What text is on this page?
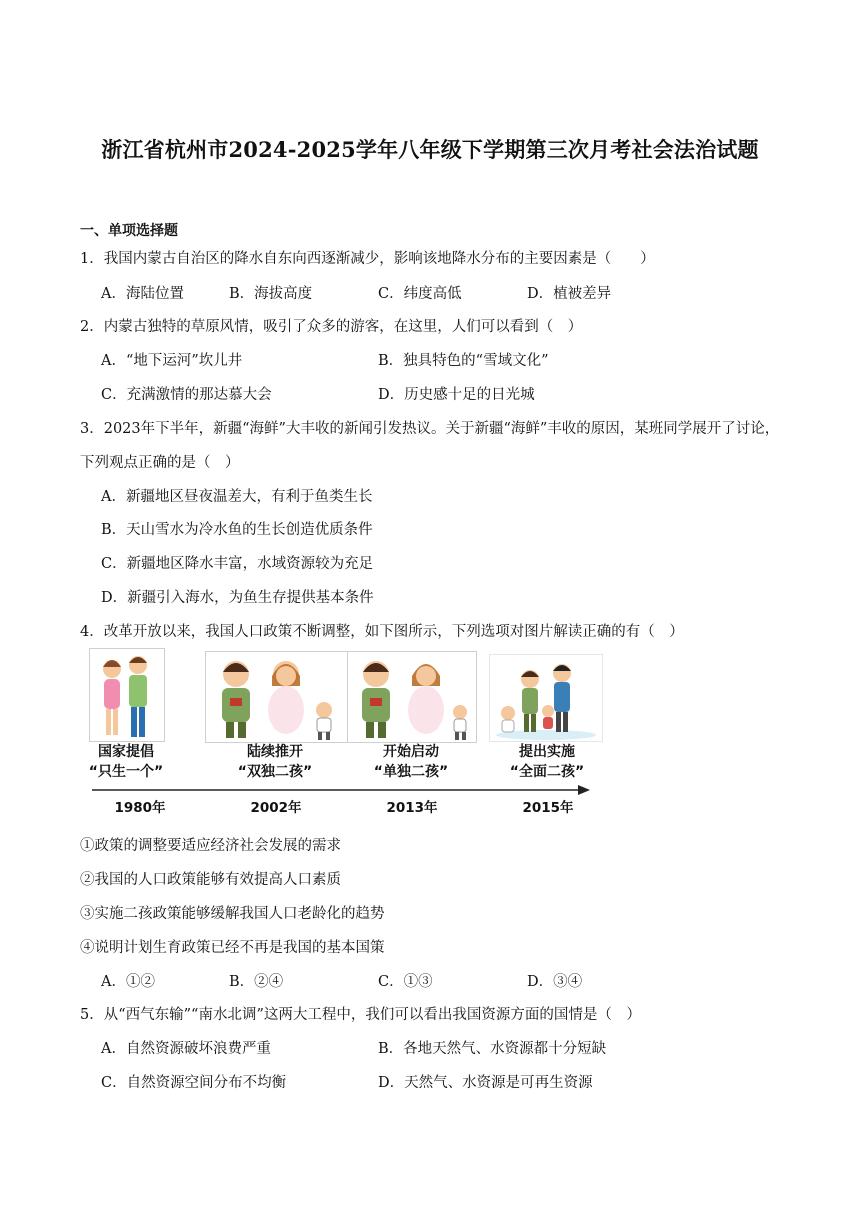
浙江省杭州市2024-2025学年八年级下学期第三次月考社会法治试题
一、单项选择题
1．我国内蒙古自治区的降水自东向西逐渐减少，影响该地降水分布的主要因素是（　　）
A．海陆位置	B．海拔高度	C．纬度高低	D．植被差异
2．内蒙古独特的草原风情，吸引了众多的游客，在这里，人们可以看到（　）
A．“地下运河”坎儿井	B．独具特色的“雪域文化”
C．充满激情的那达慕大会	D．历史感十足的日光城
3．2023年下半年，新疆“海鲜”大丰收的新闻引发热议。关于新疆“海鲜”丰收的原因，某班同学展开了讨论，
下列观点正确的是（　）
A．新疆地区昼夜温差大，有利于鱼类生长
B．天山雪水为冷水鱼的生长创造优质条件
C．新疆地区降水丰富，水域资源较为充足
D．新疆引入海水，为鱼生存提供基本条件
4．改革开放以来，我国人口政策不断调整，如下图所示，下列选项对图片解读正确的有（　）
国家提倡
“只生一个”
陆续推开
“双独二孩”
开始启动
“单独二孩”
提出实施
“全面二孩”
1980年	2002年	2013年	2015年
①政策的调整要适应经济社会发展的需求
②我国的人口政策能够有效提高人口素质
③实施二孩政策能够缓解我国人口老龄化的趋势
④说明计划生育政策已经不再是我国的基本国策
A．①②	B．②④	C．①③	D．③④
5．从“西气东输”“南水北调”这两大工程中，我们可以看出我国资源方面的国情是（　）
A．自然资源破坏浪费严重	B．各地天然气、水资源都十分短缺
C．自然资源空间分布不均衡	D．天然气、水资源是可再生资源
